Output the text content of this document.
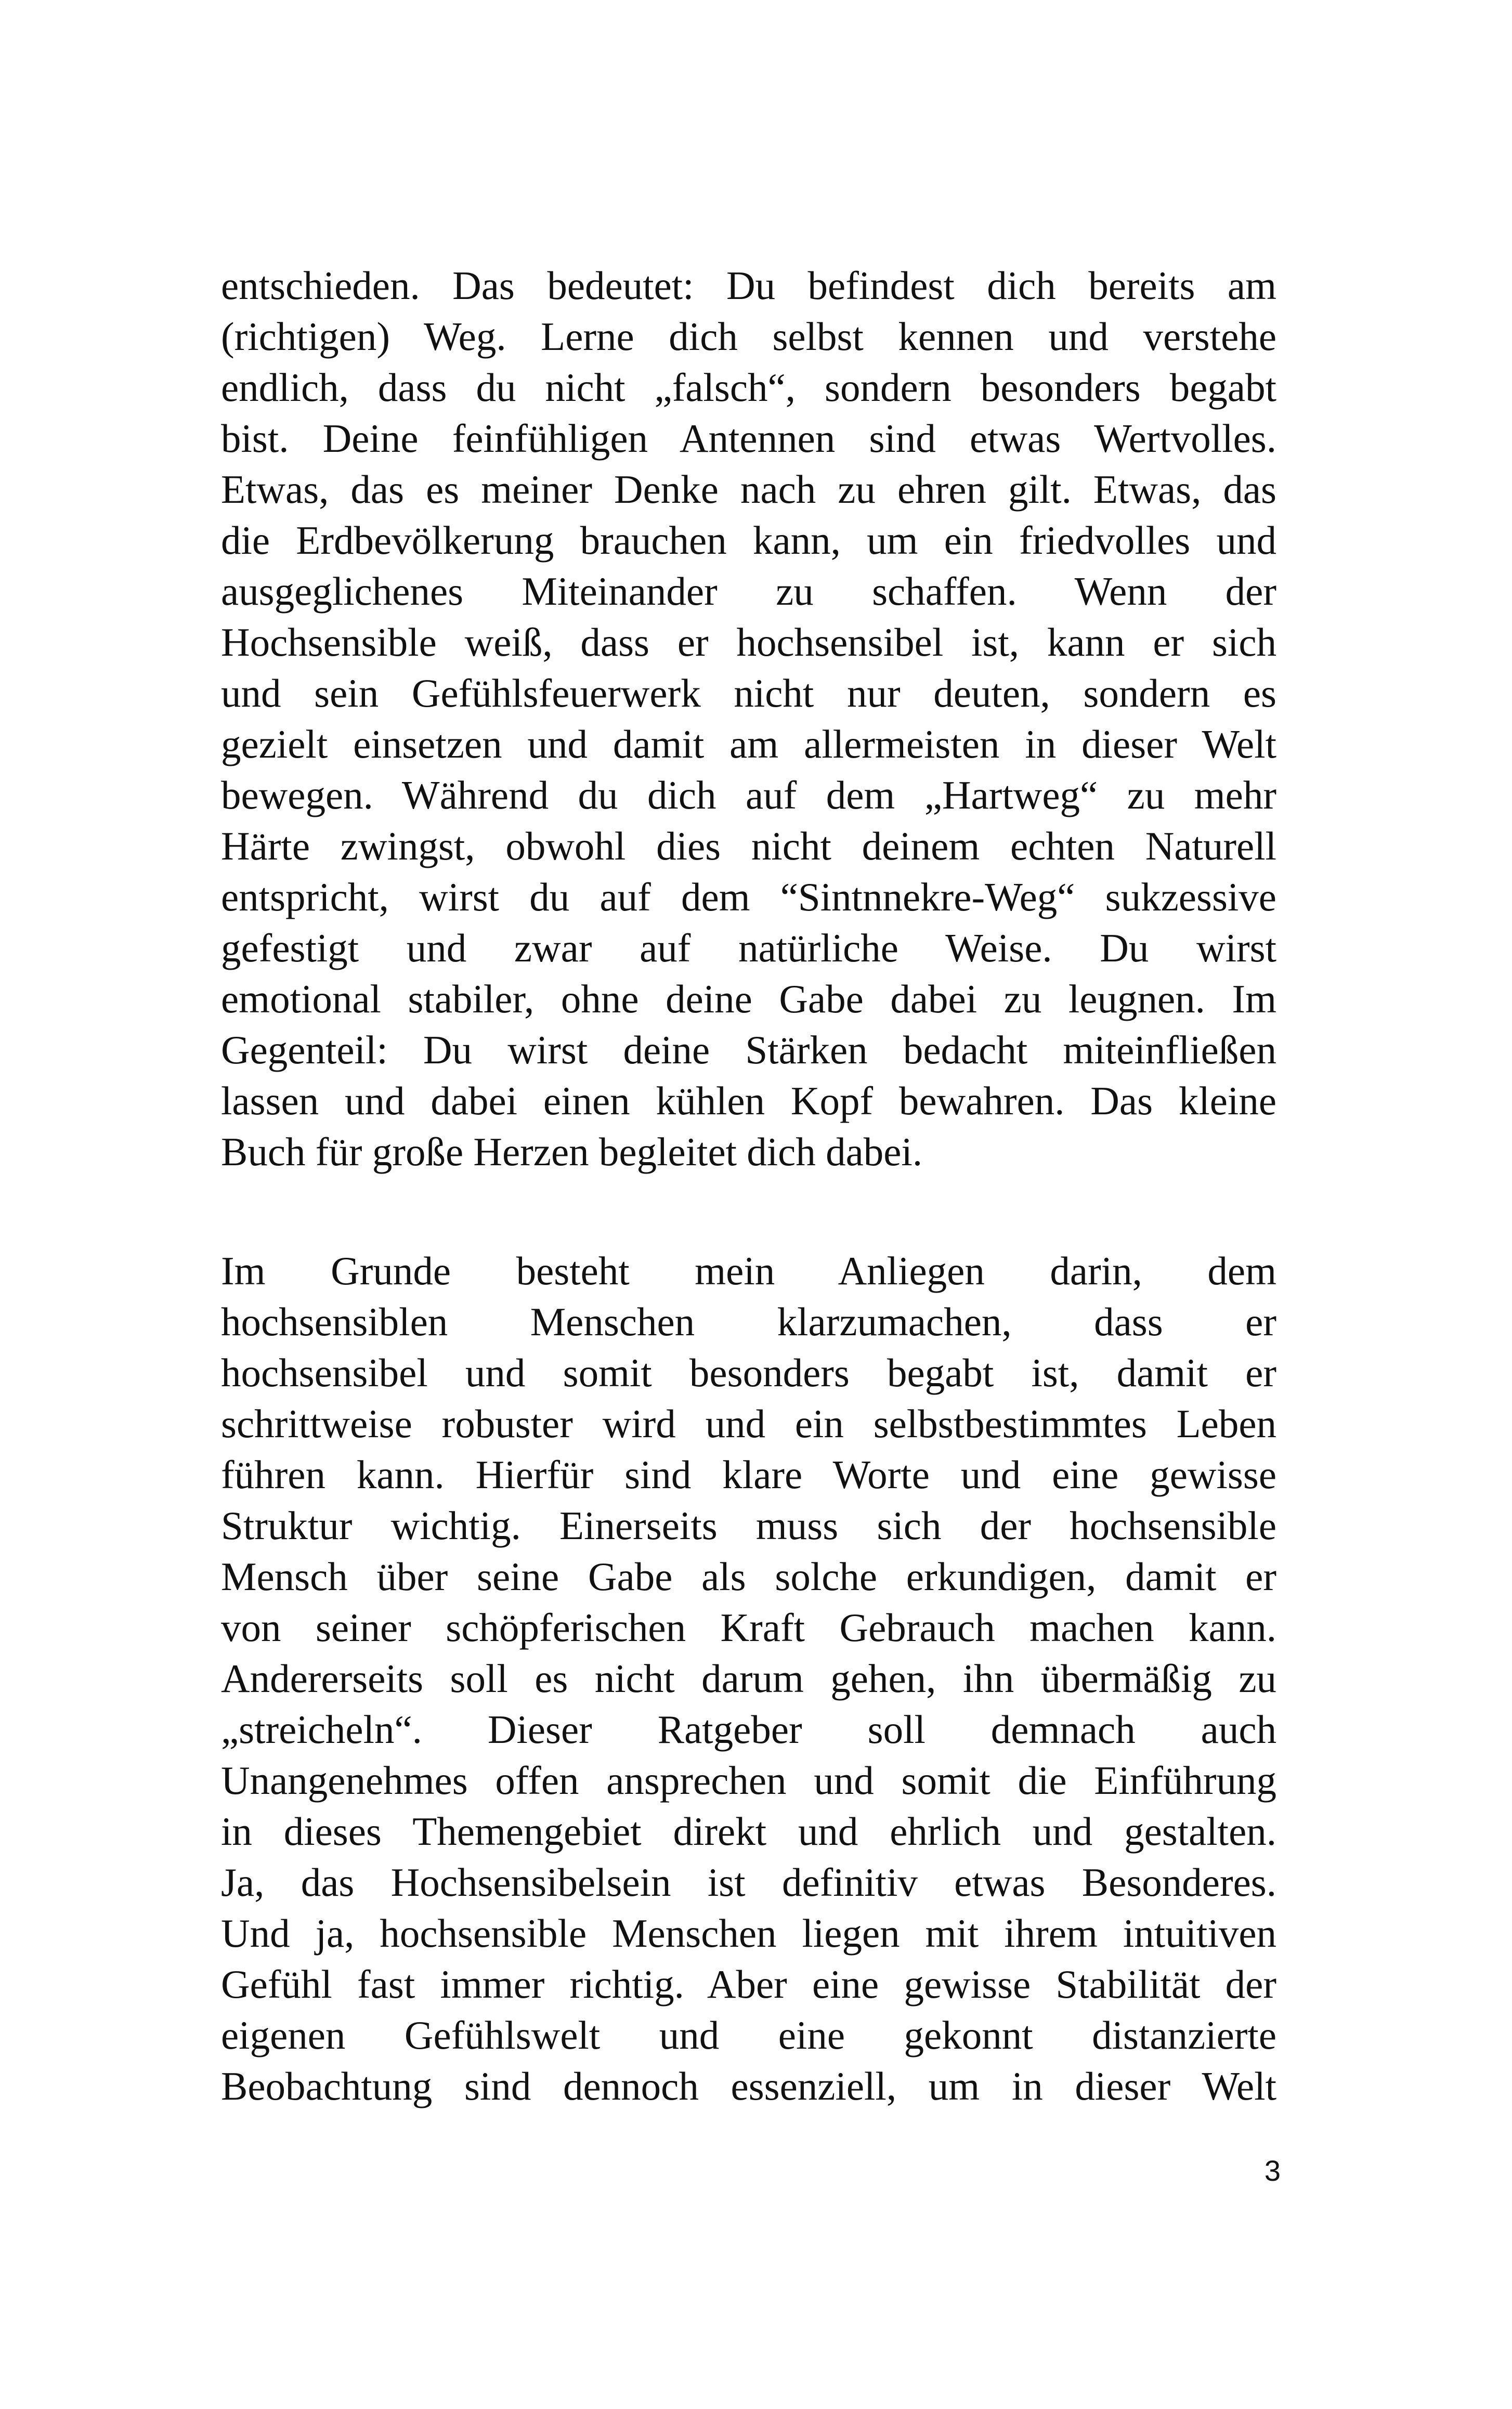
entschieden. Das bedeutet: Du befindest dich bereits am
(richtigen) Weg. Lerne dich selbst kennen und verstehe
endlich, dass du nicht „falsch“, sondern besonders begabt
bist. Deine feinfühligen Antennen sind etwas Wertvolles.
Etwas, das es meiner Denke nach zu ehren gilt. Etwas, das
die Erdbevölkerung brauchen kann, um ein friedvolles und
ausgeglichenes Miteinander zu schaffen. Wenn der
Hochsensible weiß, dass er hochsensibel ist, kann er sich
und sein Gefühlsfeuerwerk nicht nur deuten, sondern es
gezielt einsetzen und damit am allermeisten in dieser Welt
bewegen. Während du dich auf dem „Hartweg“ zu mehr
Härte zwingst, obwohl dies nicht deinem echten Naturell
entspricht, wirst du auf dem “Sintnnekre-Weg“ sukzessive
gefestigt und zwar auf natürliche Weise. Du wirst
emotional stabiler, ohne deine Gabe dabei zu leugnen. Im
Gegenteil: Du wirst deine Stärken bedacht miteinfließen
lassen und dabei einen kühlen Kopf bewahren. Das kleine
Buch für große Herzen begleitet dich dabei.
Im Grunde besteht mein Anliegen darin, dem
hochsensiblen Menschen klarzumachen, dass er
hochsensibel und somit besonders begabt ist, damit er
schrittweise robuster wird und ein selbstbestimmtes Leben
führen kann. Hierfür sind klare Worte und eine gewisse
Struktur wichtig. Einerseits muss sich der hochsensible
Mensch über seine Gabe als solche erkundigen, damit er
von seiner schöpferischen Kraft Gebrauch machen kann.
Andererseits soll es nicht darum gehen, ihn übermäßig zu
„streicheln“. Dieser Ratgeber soll demnach auch
Unangenehmes offen ansprechen und somit die Einführung
in dieses Themengebiet direkt und ehrlich und gestalten.
Ja, das Hochsensibelsein ist definitiv etwas Besonderes.
Und ja, hochsensible Menschen liegen mit ihrem intuitiven
Gefühl fast immer richtig. Aber eine gewisse Stabilität der
eigenen Gefühlswelt und eine gekonnt distanzierte
Beobachtung sind dennoch essenziell, um in dieser Welt
3
